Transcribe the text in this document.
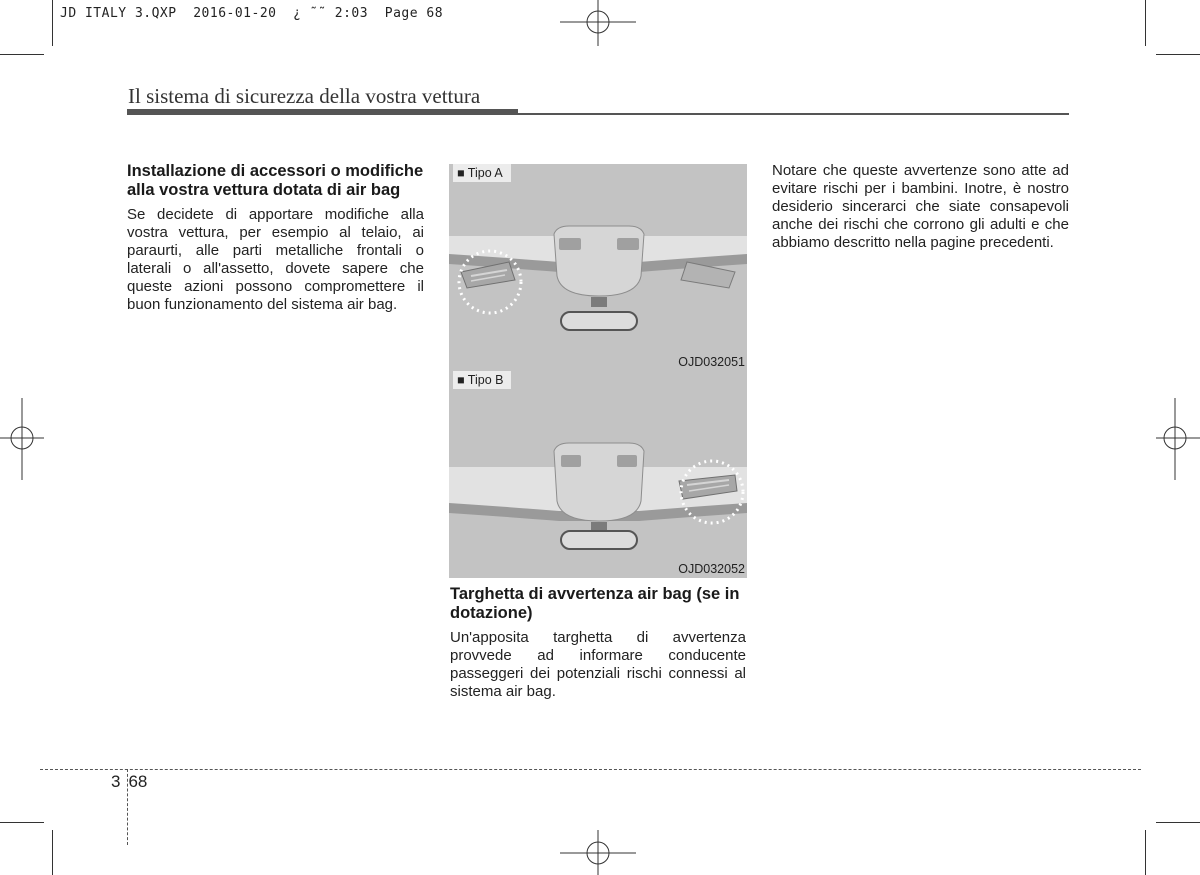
JD ITALY 3.QXP  2016-01-20  ¿ ˜˜ 2:03  Page 68
Il sistema di sicurezza della vostra vettura
Installazione di accessori o modifiche alla vostra vettura dotata di air bag

Se decidete di apportare modifiche alla vostra vettura, per esempio al telaio, ai paraurti, alle parti metalliche frontali o laterali o all'assetto, dovete sapere che queste azioni possono compromettere il buon funzionamento del sistema air bag.

■ Tipo A
OJD032051
■ Tipo B
OJD032052
Targhetta di avvertenza air bag (se in dotazione)

Un'apposita targhetta di avvertenza provvede ad informare conducente passeggeri dei potenziali rischi connessi al sistema air bag.

Notare che queste avvertenze sono atte ad evitare rischi per i bambini. Inotre, è nostro desiderio sincerarci che siate consapevoli anche dei rischi che corrono gli adulti e che abbiamo descritto nella pagine precedenti.

3 68
